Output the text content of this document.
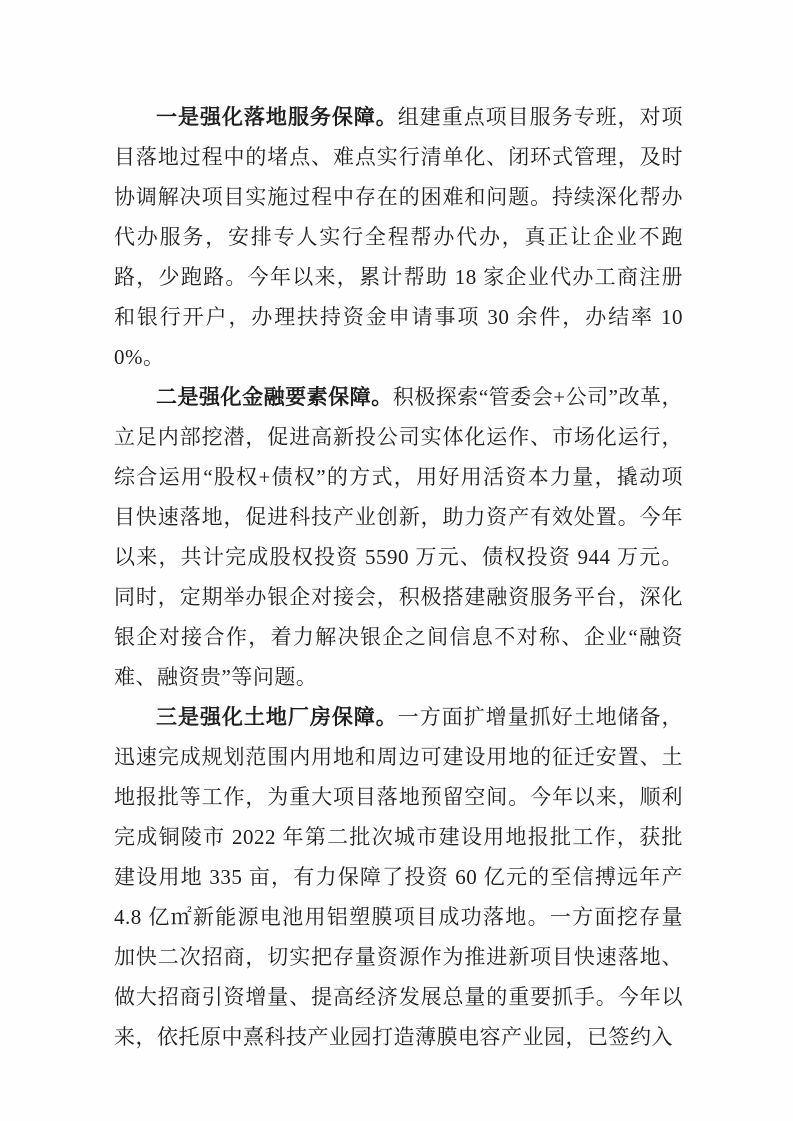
一是强化落地服务保障。组建重点项目服务专班，对项目落地过程中的堵点、难点实行清单化、闭环式管理，及时协调解决项目实施过程中存在的困难和问题。持续深化帮办代办服务，安排专人实行全程帮办代办，真正让企业不跑路，少跑路。今年以来，累计帮助 18 家企业代办工商注册和银行开户，办理扶持资金申请事项 30 余件，办结率 100%。

二是强化金融要素保障。积极探索“管委会+公司”改革，立足内部挖潜，促进高新投公司实体化运作、市场化运行，综合运用“股权+债权”的方式，用好用活资本力量，撬动项目快速落地，促进科技产业创新，助力资产有效处置。今年以来，共计完成股权投资 5590 万元、债权投资 944 万元。同时，定期举办银企对接会，积极搭建融资服务平台，深化银企对接合作，着力解决银企之间信息不对称、企业“融资难、融资贵”等问题。

三是强化土地厂房保障。一方面扩增量抓好土地储备，迅速完成规划范围内用地和周边可建设用地的征迁安置、土地报批等工作，为重大项目落地预留空间。今年以来，顺利完成铜陵市 2022 年第二批次城市建设用地报批工作，获批建设用地 335 亩，有力保障了投资 60 亿元的至信搏远年产 4.8 亿㎡新能源电池用铝塑膜项目成功落地。一方面挖存量加快二次招商，切实把存量资源作为推进新项目快速落地、做大招商引资增量、提高经济发展总量的重要抓手。今年以来，依托原中熹科技产业园打造薄膜电容产业园，已签约入
